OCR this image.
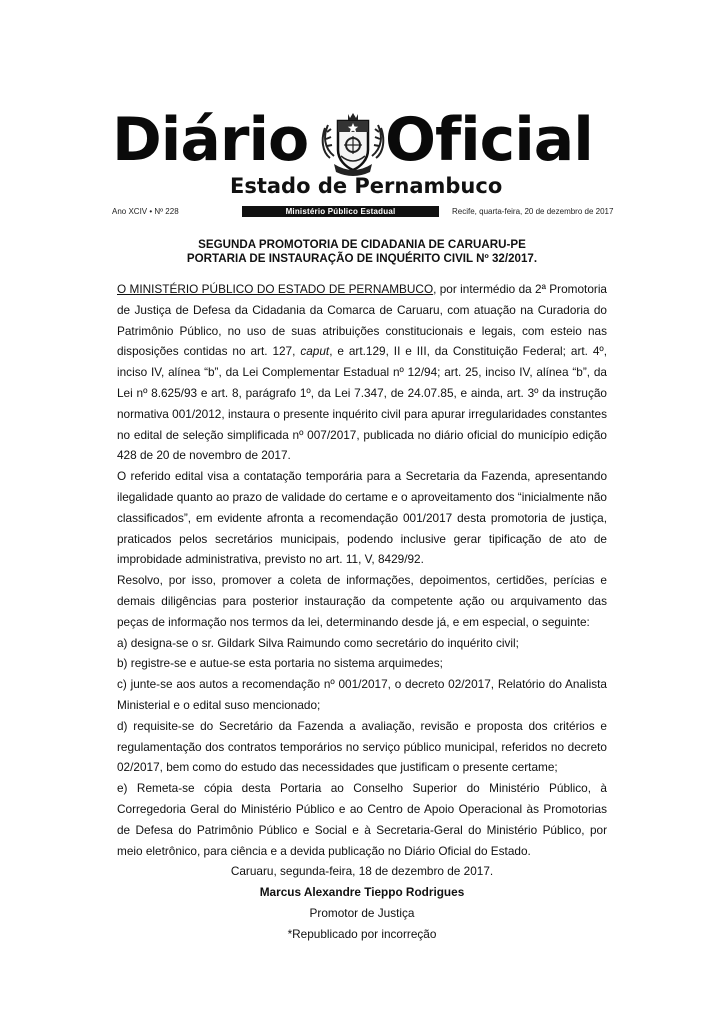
Diário Oficial
Estado de Pernambuco
Ano XCIV • Nº 228	Ministério Público Estadual	Recife, quarta-feira, 20 de dezembro de 2017
SEGUNDA PROMOTORIA DE CIDADANIA DE CARUARU-PE
PORTARIA DE INSTAURAÇÃO DE INQUÉRITO CIVIL Nº 32/2017.

O MINISTÉRIO PÚBLICO DO ESTADO DE PERNAMBUCO, por intermédio da 2ª Promotoria de Justiça de Defesa da Cidadania da Comarca de Caruaru, com atuação na Curadoria do Patrimônio Público, no uso de suas atribuições constitucionais e legais, com esteio nas disposições contidas no art. 127, caput, e art.129, II e III, da Constituição Federal; art. 4º, inciso IV, alínea “b”, da Lei Complementar Estadual nº 12/94; art. 25, inciso IV, alínea “b”, da Lei nº 8.625/93 e art. 8, parágrafo 1º, da Lei 7.347, de 24.07.85, e ainda, art. 3º da instrução normativa 001/2012, instaura o presente inquérito civil para apurar irregularidades constantes no edital de seleção simplificada nº 007/2017, publicada no diário oficial do município edição 428 de 20 de novembro de 2017.

O referido edital visa a contatação temporária para a Secretaria da Fazenda, apresentando ilegalidade quanto ao prazo de validade do certame e o aproveitamento dos “inicialmente não classificados”, em evidente afronta a recomendação 001/2017 desta promotoria de justiça, praticados pelos secretários municipais, podendo inclusive gerar tipificação de ato de improbidade administrativa, previsto no art. 11, V, 8429/92.

Resolvo, por isso, promover a coleta de informações, depoimentos, certidões, perícias e demais diligências para posterior instauração da competente ação ou arquivamento das peças de informação nos termos da lei, determinando desde já, e em especial, o seguinte:

a) designa-se o sr. Gildark Silva Raimundo como secretário do inquérito civil;

b) registre-se e autue-se esta portaria no sistema arquimedes;

c) junte-se aos autos a recomendação nº 001/2017, o decreto 02/2017, Relatório do Analista Ministerial e o edital suso mencionado;

d) requisite-se do Secretário da Fazenda a avaliação, revisão e proposta dos critérios e regulamentação dos contratos temporários no serviço público municipal, referidos no decreto 02/2017, bem como do estudo das necessidades que justificam o presente certame;

e) Remeta-se cópia desta Portaria ao Conselho Superior do Ministério Público, à Corregedoria Geral do Ministério Público e ao Centro de Apoio Operacional às Promotorias de Defesa do Patrimônio Público e Social e à Secretaria-Geral do Ministério Público, por meio eletrônico, para ciência e a devida publicação no Diário Oficial do Estado.

Caruaru, segunda-feira, 18 de dezembro de 2017.
Marcus Alexandre Tieppo Rodrigues
Promotor de Justiça
*Republicado por incorreção
